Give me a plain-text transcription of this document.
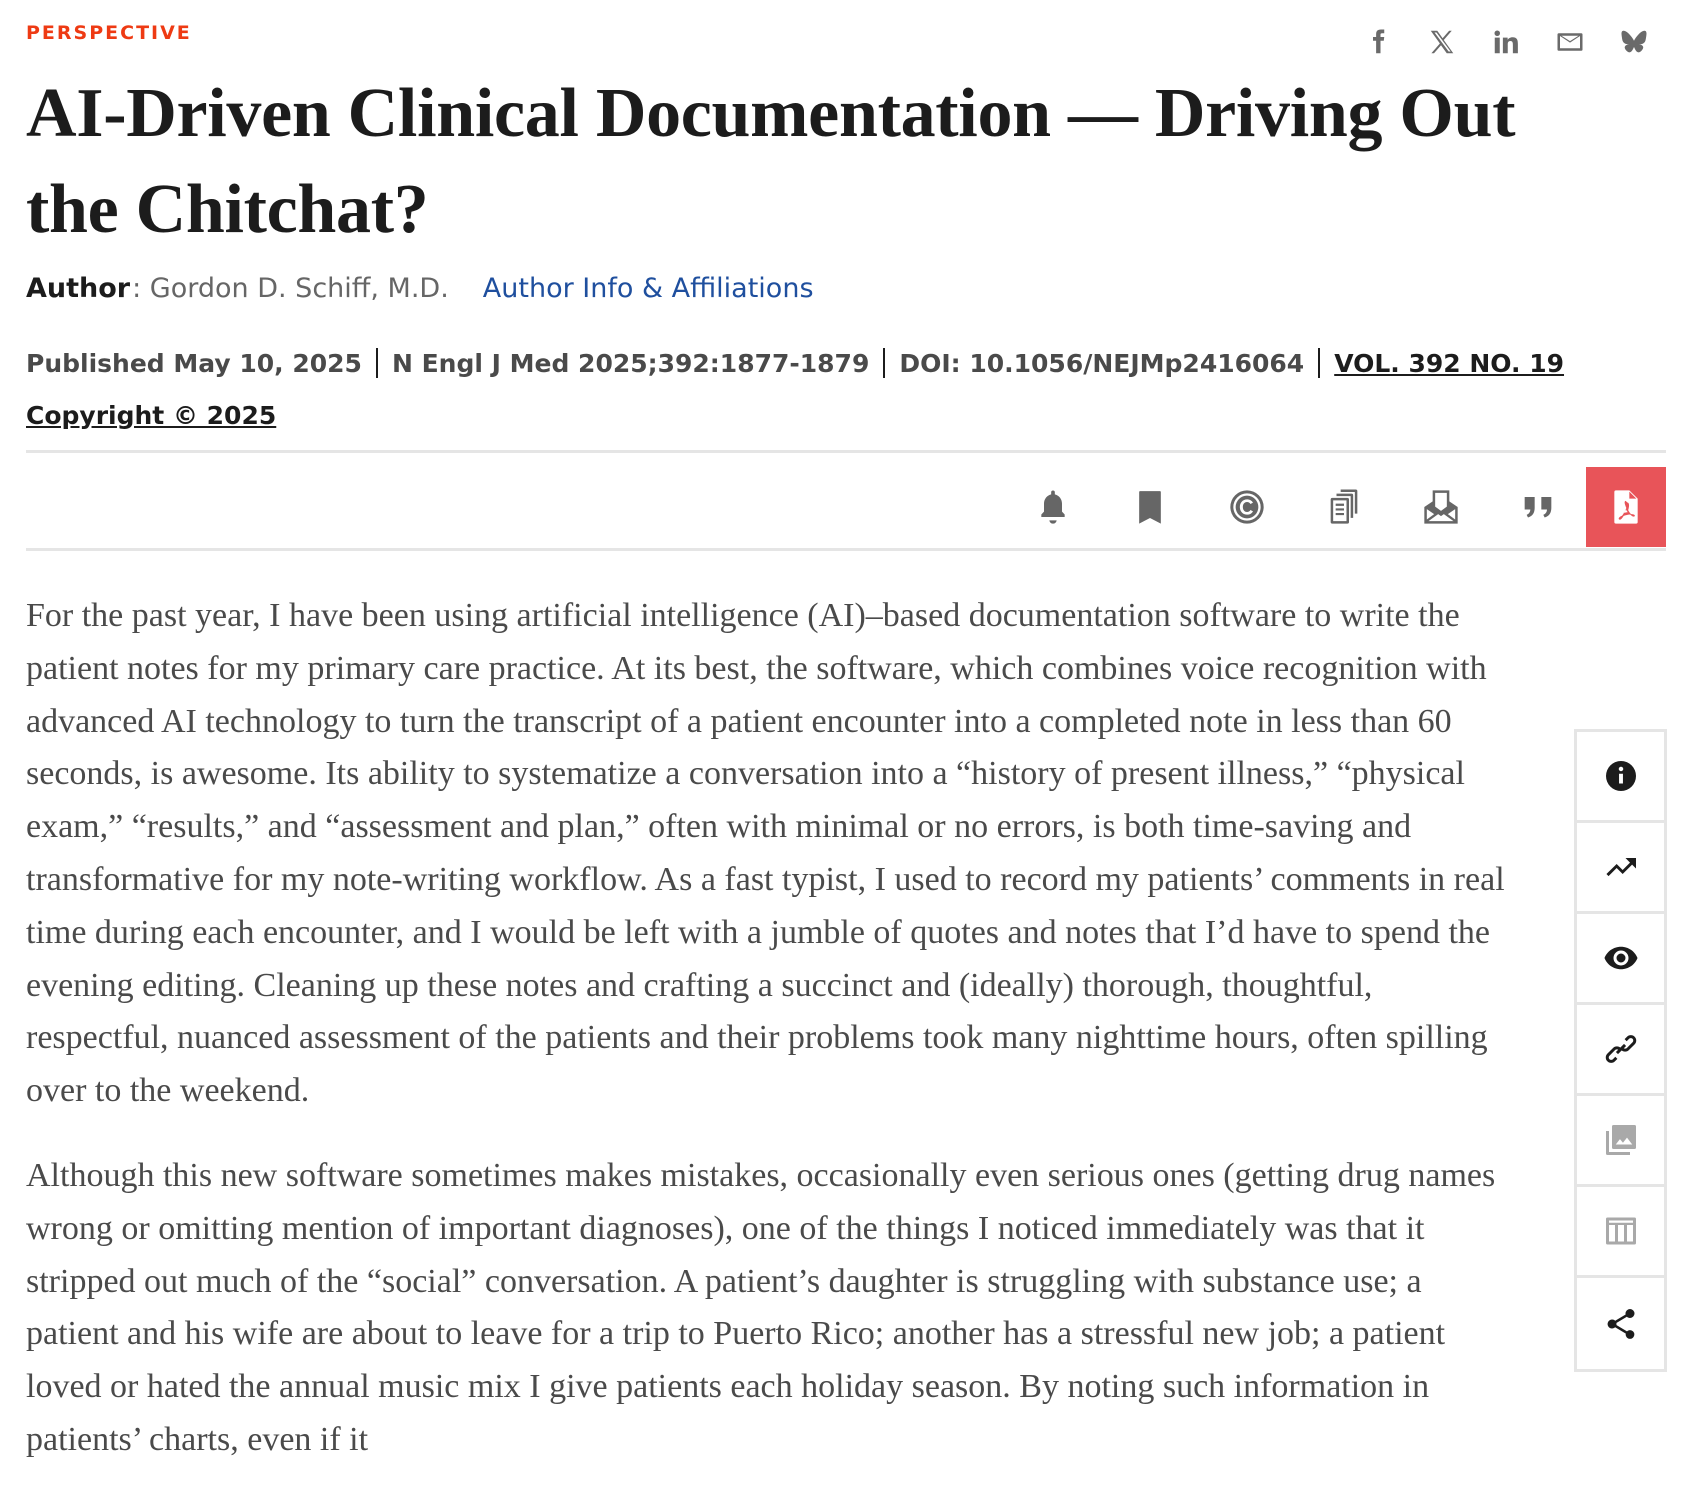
PERSPECTIVE
AI-Driven Clinical Documentation — Driving Out the Chitchat?
Author : Gordon D. Schiff, M.D. Author Info & Affiliations
Published May 10, 2025 N Engl J Med 2025;392:1877-1879 DOI: 10.1056/NEJMp2416064 VOL. 392 NO. 19
Copyright © 2025

For the past year, I have been using artificial intelligence (AI)–based documentation software to write the patient notes for my primary care practice. At its best, the software, which combines voice recognition with advanced AI technology to turn the transcript of a patient encounter into a completed note in less than 60 seconds, is awesome. Its ability to systematize a conversation into a “history of present illness,” “physical exam,” “results,” and “assessment and plan,” often with minimal or no errors, is both time-saving and transformative for my note-writing workflow. As a fast typist, I used to record my patients’ comments in real time during each encounter, and I would be left with a jumble of quotes and notes that I’d have to spend the evening editing. Cleaning up these notes and crafting a succinct and (ideally) thorough, thoughtful, respectful, nuanced assessment of the patients and their problems took many nighttime hours, often spilling over to the weekend.

Although this new software sometimes makes mistakes, occasionally even serious ones (getting drug names wrong or omitting mention of important diagnoses), one of the things I noticed immediately was that it stripped out much of the “social” conversation. A patient’s daughter is struggling with substance use; a patient and his wife are about to leave for a trip to Puerto Rico; another has a stressful new job; a patient loved or hated the annual music mix I give patients each holiday season. By noting such information in patients’ charts, even if it
